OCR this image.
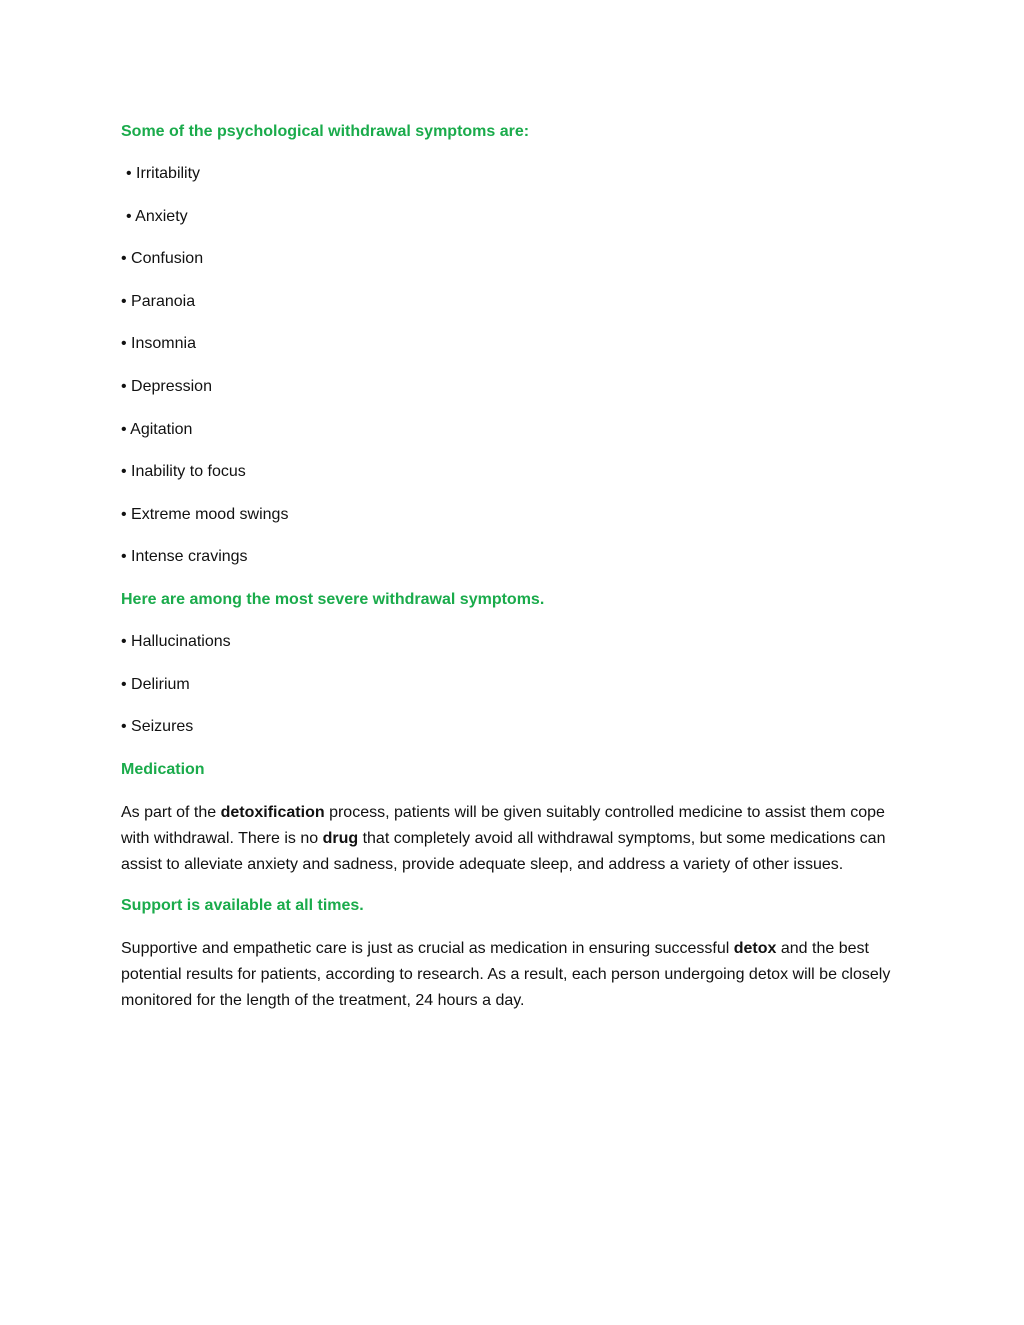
Some of the psychological withdrawal symptoms are:
• Irritability
• Anxiety
• Confusion
• Paranoia
• Insomnia
• Depression
• Agitation
• Inability to focus
• Extreme mood swings
• Intense cravings
Here are among the most severe withdrawal symptoms.
• Hallucinations
• Delirium
• Seizures
Medication

As part of the detoxification process, patients will be given suitably controlled medicine to assist them cope with withdrawal. There is no drug that completely avoid all withdrawal symptoms, but some medications can assist to alleviate anxiety and sadness, provide adequate sleep, and address a variety of other issues.

Support is available at all times.

Supportive and empathetic care is just as crucial as medication in ensuring successful detox and the best potential results for patients, according to research. As a result, each person undergoing detox will be closely monitored for the length of the treatment, 24 hours a day.
